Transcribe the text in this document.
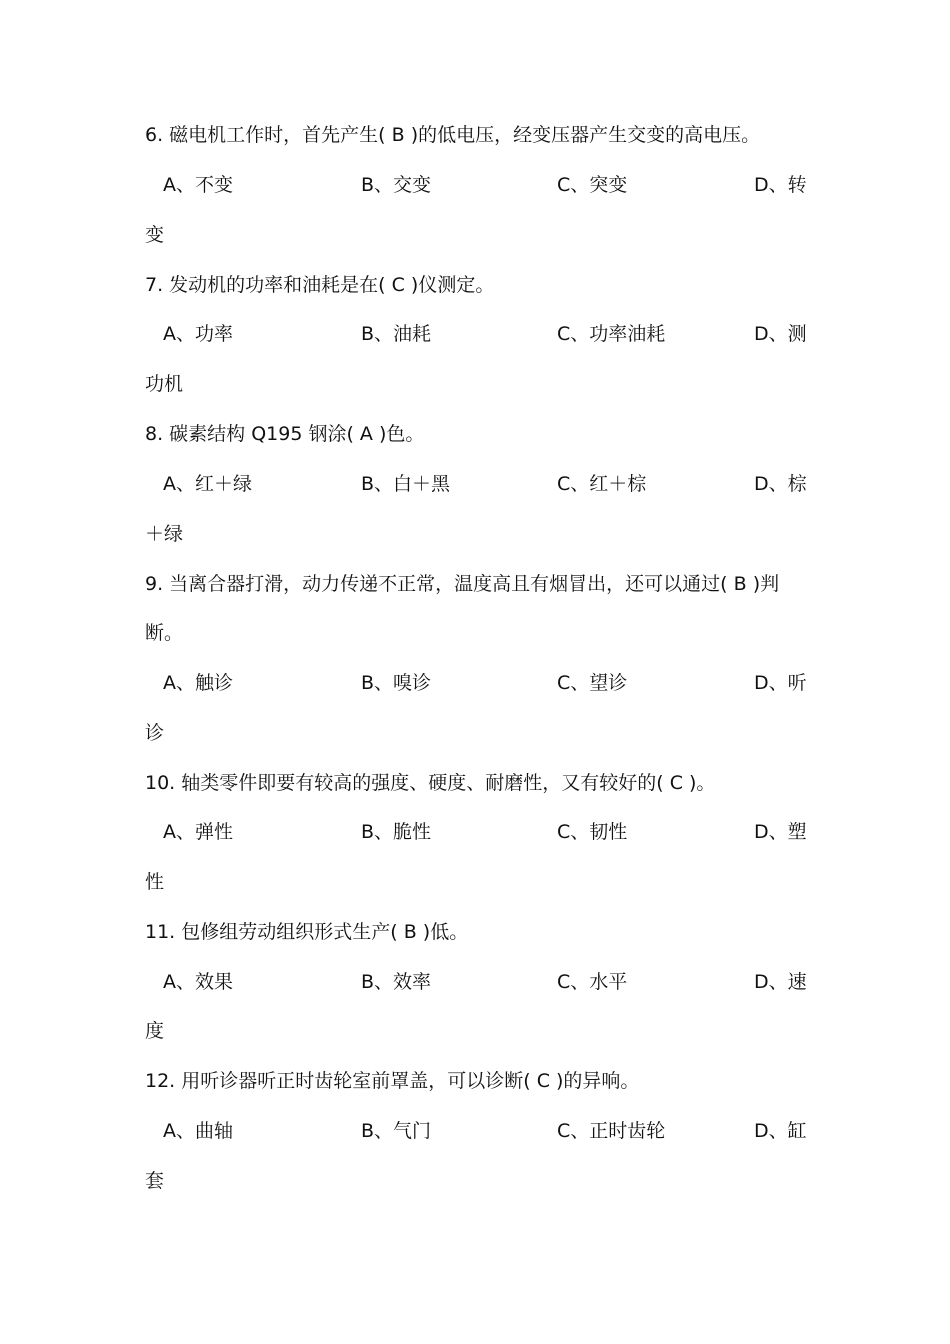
6. 磁电机工作时，首先产生( B )的低电压，经变压器产生交变的高电压。
A、不变	B、交变	C、突变	D、转
变
7. 发动机的功率和油耗是在( C )仪测定。
A、功率	B、油耗	C、功率油耗	D、测
功机
8. 碳素结构 Q195 钢涂( A )色。
A、红＋绿	B、白＋黑	C、红＋棕	D、棕
＋绿
9. 当离合器打滑，动力传递不正常，温度高且有烟冒出，还可以通过( B )判
断。
A、触诊	B、嗅诊	C、望诊	D、听
诊
10. 轴类零件即要有较高的强度、硬度、耐磨性，又有较好的( C )。
A、弹性	B、脆性	C、韧性	D、塑
性
11. 包修组劳动组织形式生产( B )低。
A、效果	B、效率	C、水平	D、速
度
12. 用听诊器听正时齿轮室前罩盖，可以诊断( C )的异响。
A、曲轴	B、气门	C、正时齿轮	D、缸
套
